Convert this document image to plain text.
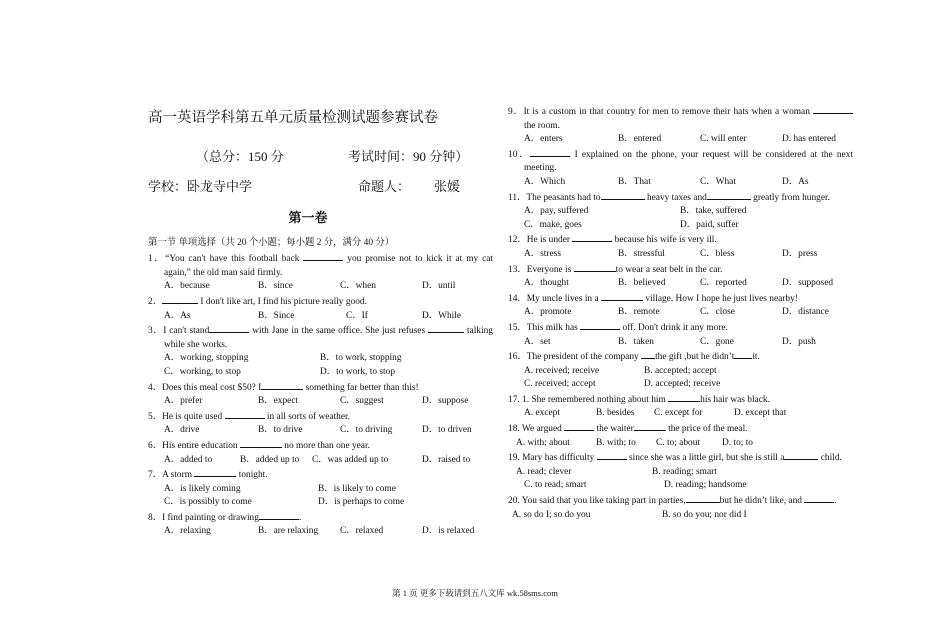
高一英语学科第五单元质量检测试题参赛试卷
（总分：150 分	考试时间：90 分钟）
学校：卧龙寺中学	命题人： 张媛
第一卷
第一节 单项选择（共 20 个小题；每小题 2 分，满分 40 分）
1．“You can't have this football back	you promise not to kick it at my cat again,” the old man said firmly.
A．because	B．since	C．when	D．until
2．	I don't like art, I find his picture really good.
A．As	B．Since	C．If	D．While
3．I can't stand	with Jane in the same office. She just refuses	talking while she works.
A．working, stopping	B．to work, stopping
C．working, to stop	D．to work, to stop
4．Does this meal cost $50? I	something far better than this!
A．prefer	B．expect	C．suggest	D．suppose
5．He is quite used	in all sorts of weather.
A．drive	B．to drive	C．to driving	D．to driven
6．His entire education	no more than one year.
A．added to	B．added up to C．was added up to	D．raised to
7．A storm	tonight.
A．is likely coming	B．is likely to come
C．is possibly to come	D．is perhaps to come
8．I find painting or drawing	.
A．relaxing	B．are relaxing C．relaxed	D．is relaxed
9．It is a custom in that country for men to remove their hats when a woman  the room.
A．enters	B．entered	C. will enter	D. has entered
10．	I explained on the phone, your request will be considered at the next meeting.
A．Which	B．That	C．What	D．As
11．The peasants had to	heavy taxes and	greatly from hunger.
A．pay, suffered	B．take, suffered
C．make, goes	D．paid, suffer
12．He is under	because his wife is very ill.
A．stress	B．stressful	C．bless	D．press
13．Everyone is	to wear a seat belt in the car.
A．thought	B．believed	C．reported	D．supposed
14．My uncle lives in a	village. How I hope he just lives nearby!
A．promote	B．remote	C．close	D．distance
15．This milk has	off. Don't drink it any more.
A．set	B．taken	C．gone	D．push
16．The president of the company the gift ,but he didn’t it.
A. received; receive	B. accepted; accept
C. received; accept	D. accepted; receive
17. 1. She remembered nothing about him	his hair was black.
A. except	B. besides C. except for	D. except that
18. We argued	the waiter	the price of the meal.
A. with; about	B. with; to C. to; about D. to; to
19. Mary has difficulty	since she was a little girl, but she is still a	child.
A. read; clever	B. reading; smart
C. to read; smart	D. reading; handsome
20. You said that you like taking part in parties,	but he didn’t like, and	.
A. so do I; so do you	B. so do you; nor did I
第 1 页 更多下载请到五八文库 wk.58sms.com
